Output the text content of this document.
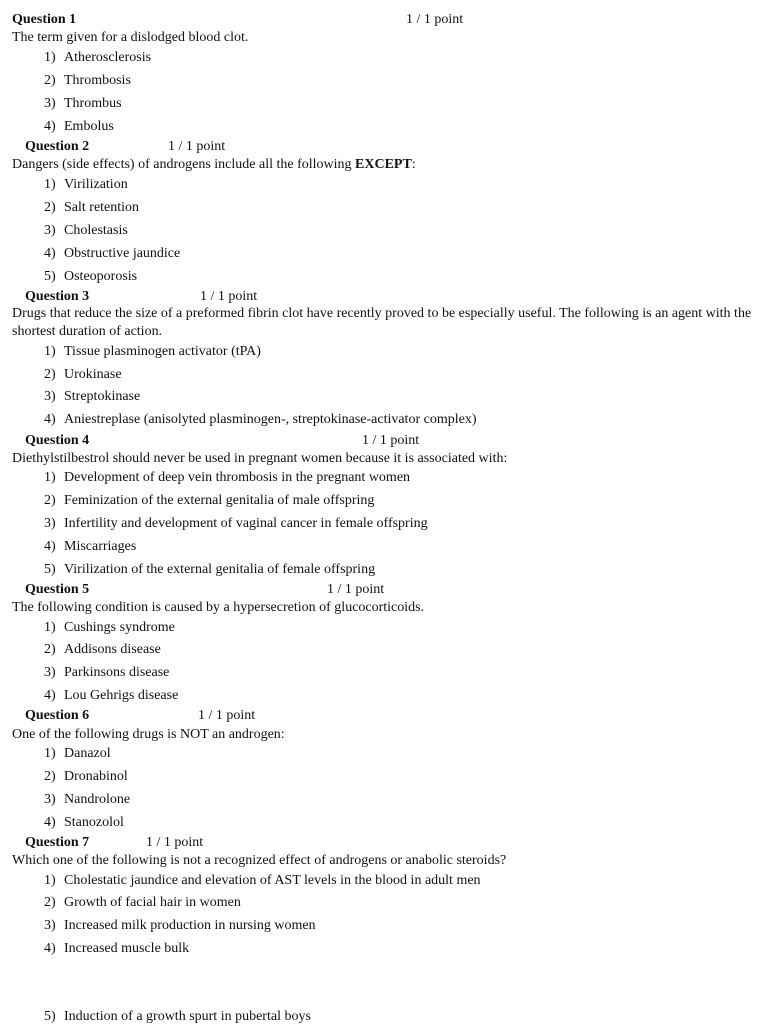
Question 1	1 / 1 point
The term given for a dislodged blood clot.
1) Atherosclerosis
2) Thrombosis
3) Thrombus
4) Embolus
Question 2	1 / 1 point
Dangers (side effects) of androgens include all the following EXCEPT:
1) Virilization
2) Salt retention
3) Cholestasis
4) Obstructive jaundice
5) Osteoporosis
Question 3	1 / 1 point
Drugs that reduce the size of a preformed fibrin clot have recently proved to be especially useful. The following is an agent with the shortest duration of action.
1) Tissue plasminogen activator (tPA)
2) Urokinase
3) Streptokinase
4) Aniestreplase (anisolyted plasminogen-, streptokinase-activator complex)
Question 4	1 / 1 point
Diethylstilbestrol should never be used in pregnant women because it is associated with:
1) Development of deep vein thrombosis in the pregnant women
2) Feminization of the external genitalia of male offspring
3) Infertility and development of vaginal cancer in female offspring
4) Miscarriages
5) Virilization of the external genitalia of female offspring
Question 5	1 / 1 point
The following condition is caused by a hypersecretion of glucocorticoids.
1) Cushings syndrome
2) Addisons disease
3) Parkinsons disease
4) Lou Gehrigs disease
Question 6	1 / 1 point
One of the following drugs is NOT an androgen:
1) Danazol
2) Dronabinol
3) Nandrolone
4) Stanozolol
Question 7	1 / 1 point
Which one of the following is not a recognized effect of androgens or anabolic steroids?
1) Cholestatic jaundice and elevation of AST levels in the blood in adult men
2) Growth of facial hair in women
3) Increased milk production in nursing women
4) Increased muscle bulk
5) Induction of a growth spurt in pubertal boys
